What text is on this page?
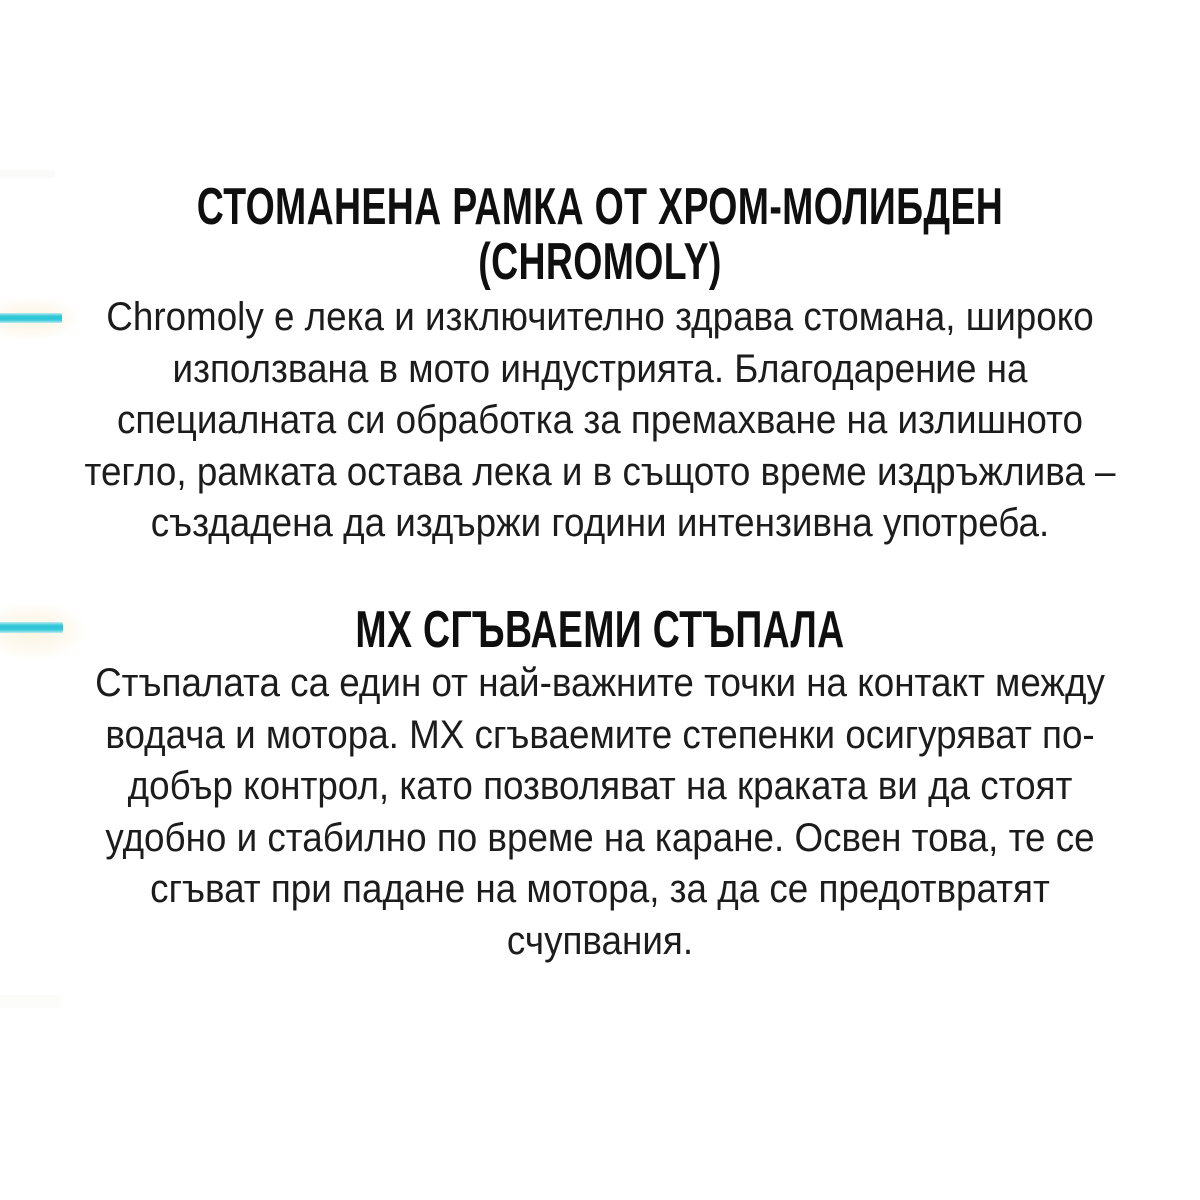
СТОМАНЕНА РАМКА ОТ ХРОМ-МОЛИБДЕН
(CHROMOLY)
Chromoly е лека и изключително здрава стомана, широко
използвана в мото индустрията. Благодарение на
специалната си обработка за премахване на излишното
тегло, рамката остава лека и в същото време издръжлива –
създадена да издържи години интензивна употреба.
МХ СГЪВАЕМИ СТЪПАЛА
Стъпалата са един от най-важните точки на контакт между
водача и мотора. МХ сгъваемите степенки осигуряват по-
добър контрол, като позволяват на краката ви да стоят
удобно и стабилно по време на каране. Освен това, те се
сгъват при падане на мотора, за да се предотвратят
счупвания.
